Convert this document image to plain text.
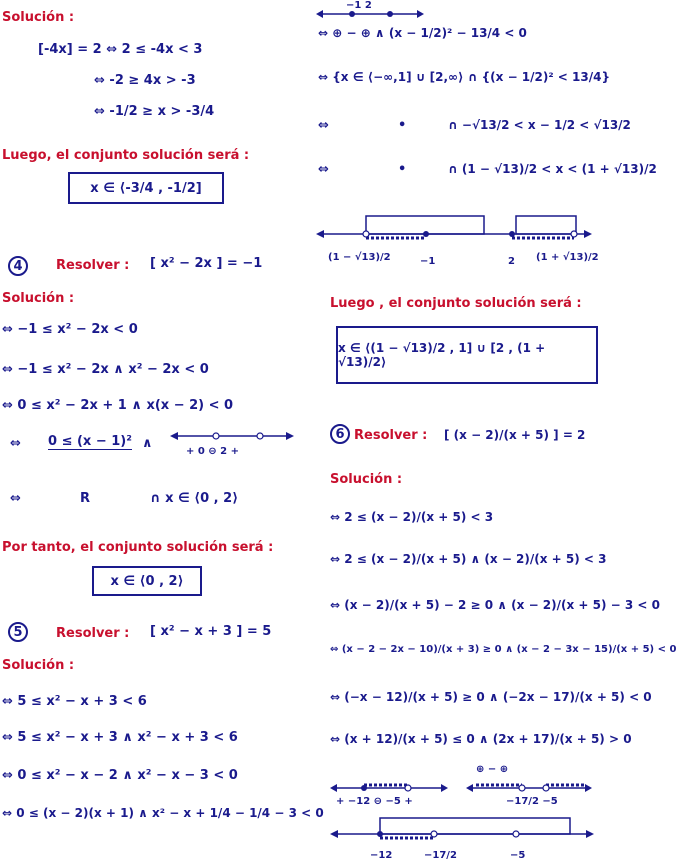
Solución :
[-4x] = 2 ⇔ 2 ≤ -4x < 3
⇔ -2 ≥ 4x > -3
⇔ -1/2 ≥ x > -3/4
Luego, el conjunto solución será :
x ∈ ⟨-3/4 , -1/2]
4	Resolver : [ x² − 2x ] = −1
Solución :
⇔ −1 ≤ x² − 2x < 0
⇔ −1 ≤ x² − 2x ∧ x² − 2x < 0
⇔ 0 ≤ x² − 2x + 1 ∧ x(x − 2) < 0
⇔ 0 ≤ (x − 1)² ∧
+ 0 ⊖ 2 +
⇔	R	∩ x ∈ ⟨0 , 2⟩
Por tanto, el conjunto solución será :
x ∈ ⟨0 , 2⟩
5	Resolver : [ x² − x + 3 ] = 5
Solución :
⇔ 5 ≤ x² − x + 3 < 6
⇔ 5 ≤ x² − x + 3 ∧ x² − x + 3 < 6
⇔ 0 ≤ x² − x − 2 ∧ x² − x − 3 < 0
⇔ 0 ≤ (x − 2)(x + 1) ∧ x² − x + 1/4 − 1/4 − 3 < 0
−1 2
⇔ ⊕ − ⊕ ∧ (x − 1/2)² − 13/4 < 0
⇔ {x ∈ ⟨−∞,1] ∪ [2,∞⟩ ∩ {(x − 1/2)² < 13/4}
⇔	•	∩ −√13/2 < x − 1/2 < √13/2
⇔	•	∩ (1 − √13)/2 < x < (1 + √13)/2
(1 − √13)/2	−1	2 (1 + √13)/2
Luego , el conjunto solución será :
x ∈ ⟨(1 − √13)/2 , 1] ∪ [2 , (1 + √13)/2⟩
6 Resolver : [ (x − 2)/(x + 5) ] = 2
Solución :
⇔ 2 ≤ (x − 2)/(x + 5) < 3
⇔ 2 ≤ (x − 2)/(x + 5) ∧ (x − 2)/(x + 5) < 3
⇔ (x − 2)/(x + 5) − 2 ≥ 0 ∧ (x − 2)/(x + 5) − 3 < 0
⇔ (x − 2 − 2x − 10)/(x + 3) ≥ 0 ∧ (x − 2 − 3x − 15)/(x + 5) < 0
⇔ (−x − 12)/(x + 5) ≥ 0 ∧ (−2x − 17)/(x + 5) < 0
⇔ (x + 12)/(x + 5) ≤ 0 ∧ (2x + 17)/(x + 5) > 0
+ −12 ⊖ −5 +
⊕ − ⊕
−17/2 −5
−12	−17/2	−5
